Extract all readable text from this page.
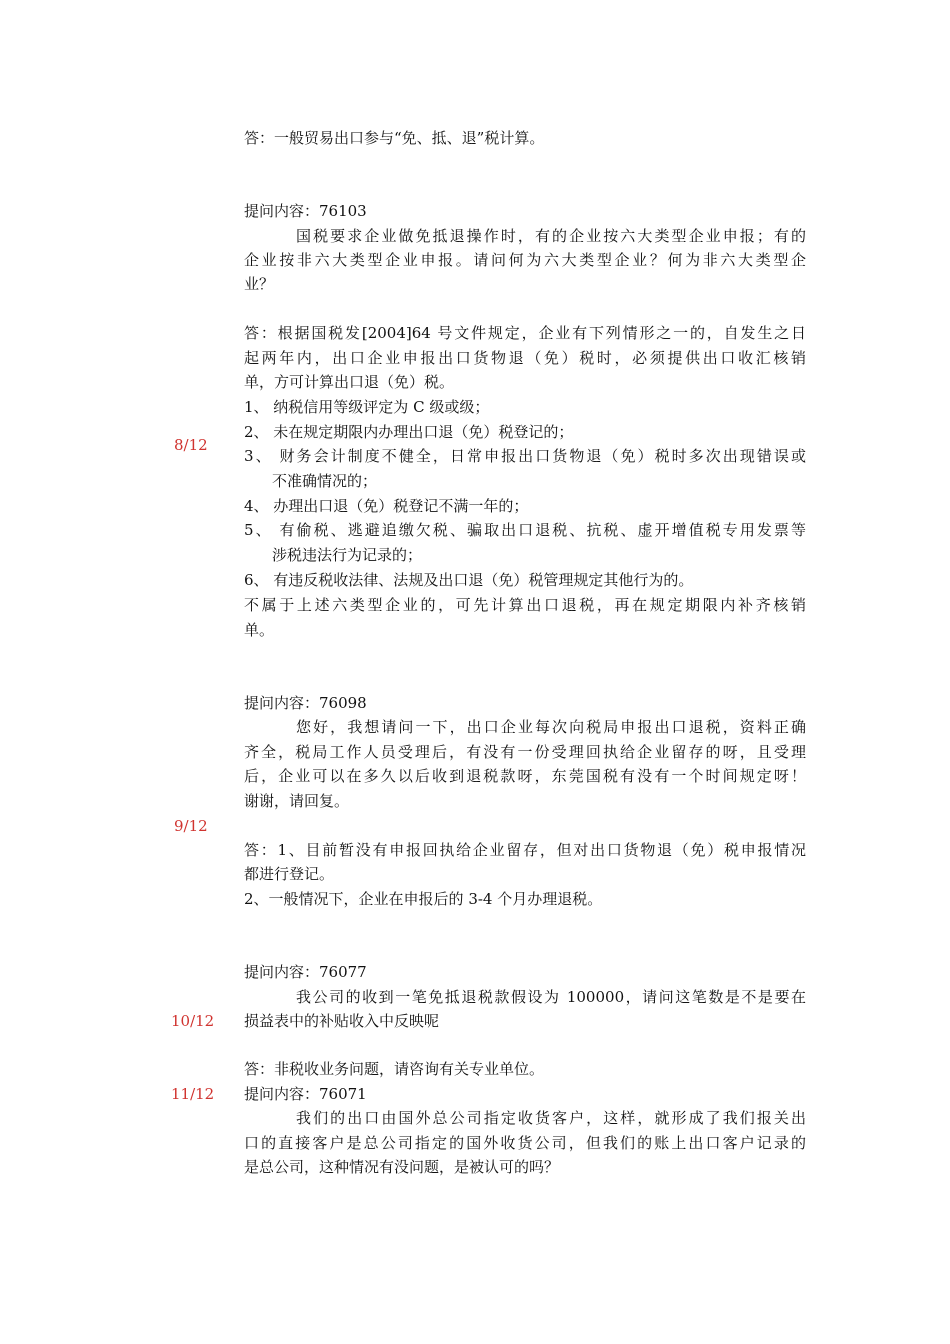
答：一般贸易出口参与“免、抵、退”税计算。
提问内容：76103
国税要求企业做免抵退操作时，有的企业按六大类型企业申报；有的
企业按非六大类型企业申报。请问何为六大类型企业？何为非六大类型企
业？
答：根据国税发[2004]64 号文件规定，企业有下列情形之一的，自发生之日
起两年内，出口企业申报出口货物退（免）税时，必须提供出口收汇核销
单，方可计算出口退（免）税。
1、 纳税信用等级评定为 C 级或级；
2、 未在规定期限内办理出口退（免）税登记的；
3、 财务会计制度不健全，日常申报出口货物退（免）税时多次出现错误或
不准确情况的；
4、 办理出口退（免）税登记不满一年的；
5、 有偷税、逃避追缴欠税、骗取出口退税、抗税、虚开增值税专用发票等
涉税违法行为记录的；
6、 有违反税收法律、法规及出口退（免）税管理规定其他行为的。
不属于上述六类型企业的，可先计算出口退税，再在规定期限内补齐核销
单。
提问内容：76098
您好，我想请问一下，出口企业每次向税局申报出口退税，资料正确
齐全，税局工作人员受理后，有没有一份受理回执给企业留存的呀，且受理
后，企业可以在多久以后收到退税款呀，东莞国税有没有一个时间规定呀！
谢谢，请回复。
答：1、目前暂没有申报回执给企业留存，但对出口货物退（免）税申报情况
都进行登记。
2、一般情况下，企业在申报后的 3-4 个月办理退税。
提问内容：76077
我公司的收到一笔免抵退税款假设为 100000，请问这笔数是不是要在
损益表中的补贴收入中反映呢
答：非税收业务问题，请咨询有关专业单位。
提问内容：76071
我们的出口由国外总公司指定收货客户，这样，就形成了我们报关出
口的直接客户是总公司指定的国外收货公司，但我们的账上出口客户记录的
是总公司，这种情况有没问题，是被认可的吗？
8/12
9/12
10/12
11/12
